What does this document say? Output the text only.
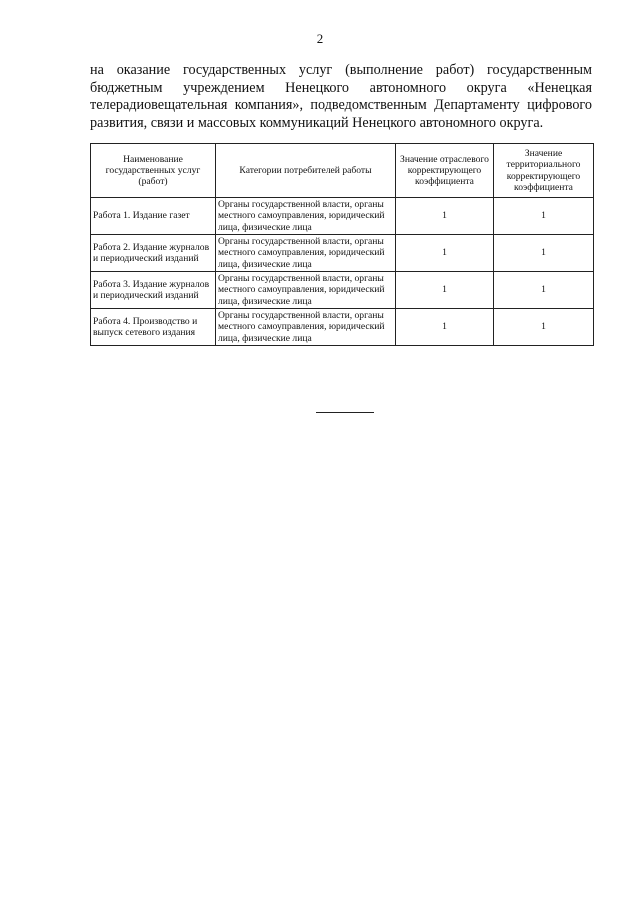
2

на оказание государственных услуг (выполнение работ) государственным
бюджетным учреждением Ненецкого автономного округа «Ненецкая
телерадиовещательная компания», подведомственным Департаменту цифрового
развития, связи и массовых коммуникаций Ненецкого автономного округа.

Наименование государственных услуг (работ)	Категории потребителей работы	Значение отраслевого корректирующего коэффициента	Значение территориального корректирующего коэффициента
Работа 1. Издание газет	Органы государственной власти, органы местного самоуправления, юридический лица, физические лица	1	1
Работа 2. Издание журналов и периодический изданий	Органы государственной власти, органы местного самоуправления, юридический лица, физические лица	1	1
Работа 3. Издание журналов и периодический изданий	Органы государственной власти, органы местного самоуправления, юридический лица, физические лица	1	1
Работа 4. Производство и выпуск сетевого издания	Органы государственной власти, органы местного самоуправления, юридический лица, физические лица	1	1
